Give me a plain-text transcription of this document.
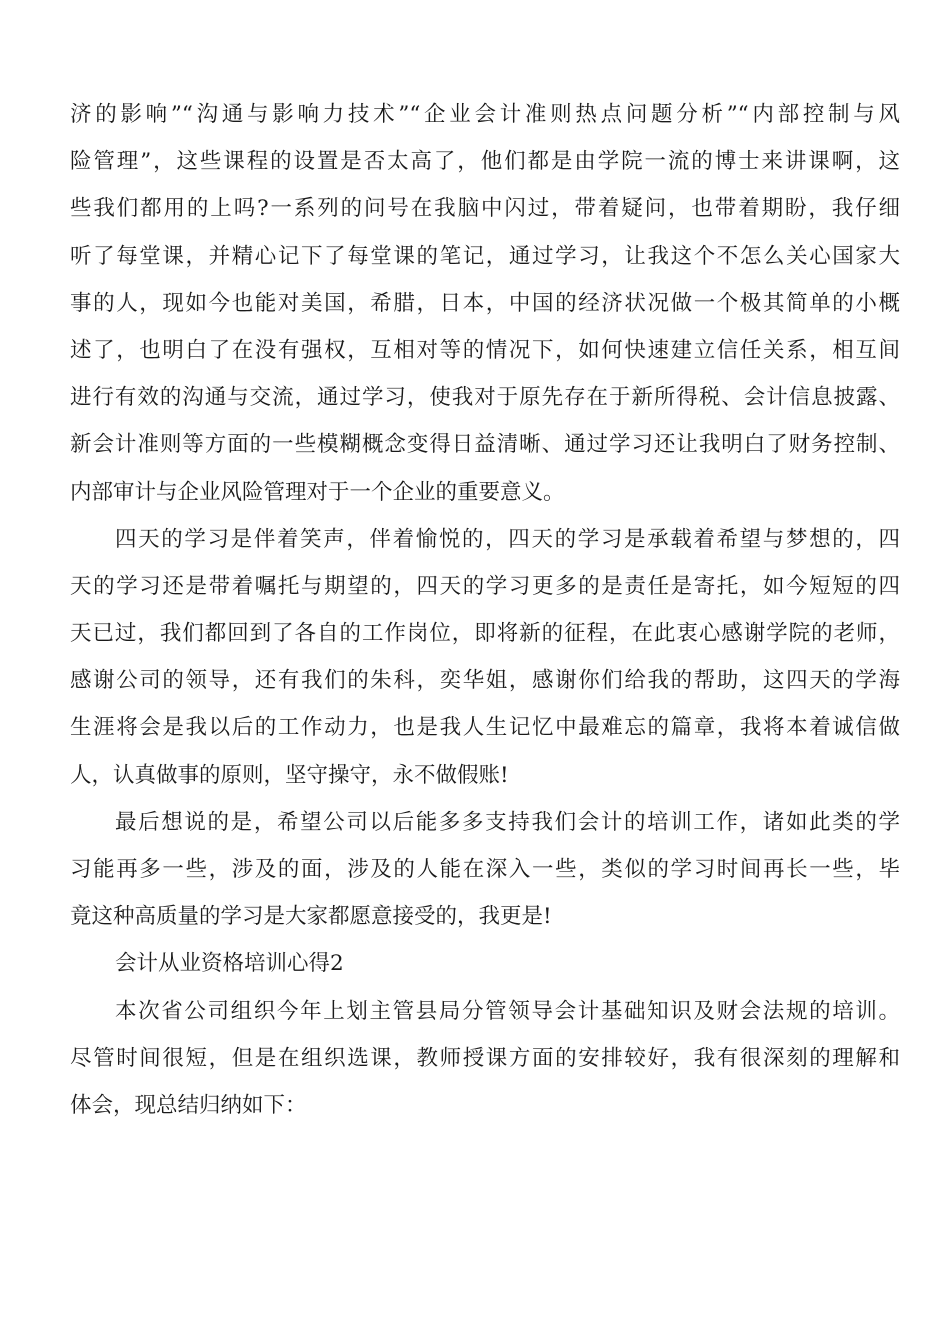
济的影响”“沟通与影响力技术”“企业会计准则热点问题分析”“内部控制与风
险管理”，这些课程的设置是否太高了，他们都是由学院一流的博士来讲课啊，这
些我们都用的上吗?一系列的问号在我脑中闪过，带着疑问，也带着期盼，我仔细
听了每堂课，并精心记下了每堂课的笔记，通过学习，让我这个不怎么关心国家大
事的人，现如今也能对美国，希腊，日本，中国的经济状况做一个极其简单的小概
述了，也明白了在没有强权，互相对等的情况下，如何快速建立信任关系，相互间
进行有效的沟通与交流，通过学习，使我对于原先存在于新所得税、会计信息披露、
新会计准则等方面的一些模糊概念变得日益清晰、通过学习还让我明白了财务控制、
内部审计与企业风险管理对于一个企业的重要意义。
四天的学习是伴着笑声，伴着愉悦的，四天的学习是承载着希望与梦想的，四
天的学习还是带着嘱托与期望的，四天的学习更多的是责任是寄托，如今短短的四
天已过，我们都回到了各自的工作岗位，即将新的征程，在此衷心感谢学院的老师，
感谢公司的领导，还有我们的朱科，奕华姐，感谢你们给我的帮助，这四天的学海
生涯将会是我以后的工作动力，也是我人生记忆中最难忘的篇章，我将本着诚信做
人，认真做事的原则，坚守操守，永不做假账!
最后想说的是，希望公司以后能多多支持我们会计的培训工作，诸如此类的学
习能再多一些，涉及的面，涉及的人能在深入一些，类似的学习时间再长一些，毕
竟这种高质量的学习是大家都愿意接受的，我更是!
会计从业资格培训心得2
本次省公司组织今年上划主管县局分管领导会计基础知识及财会法规的培训。
尽管时间很短，但是在组织选课，教师授课方面的安排较好，我有很深刻的理解和
体会，现总结归纳如下：
